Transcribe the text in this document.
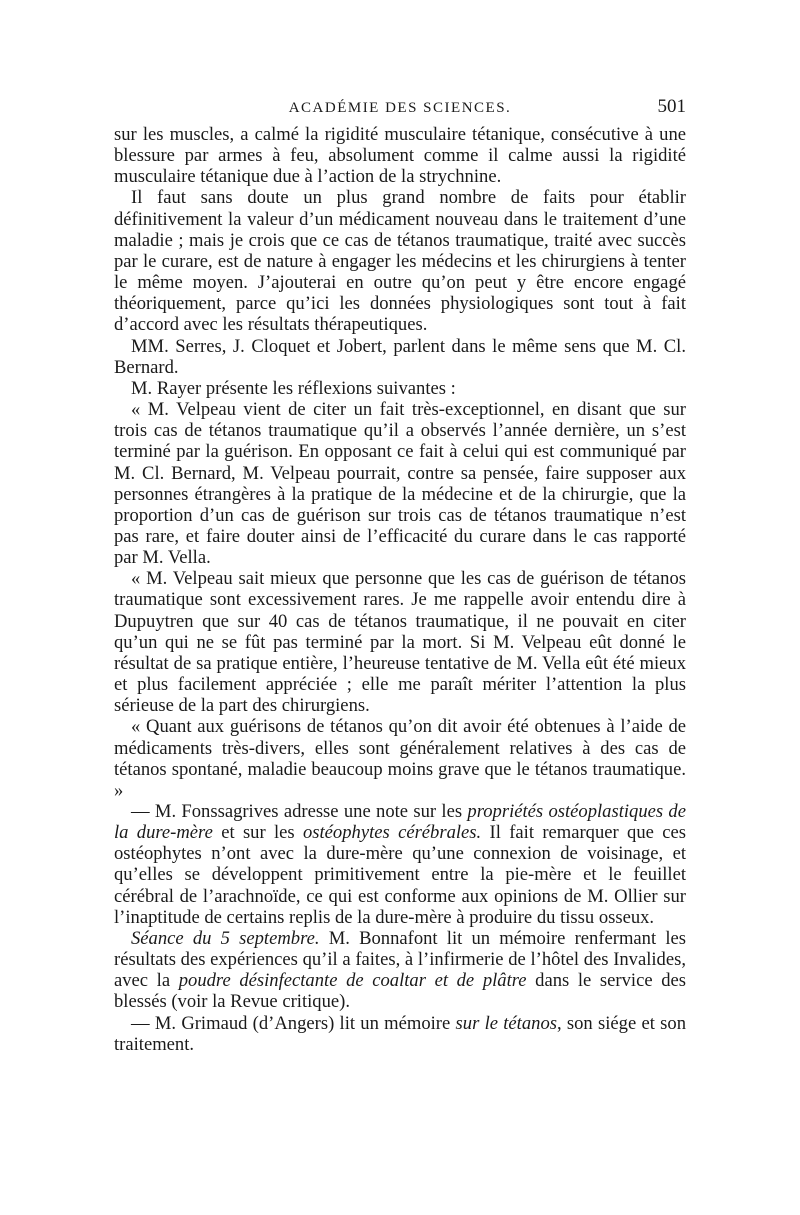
ACADÉMIE DES SCIENCES.	501

sur les muscles, a calmé la rigidité musculaire tétanique, consécutive à une blessure par armes à feu, absolument comme il calme aussi la rigidité musculaire tétanique due à l’action de la strychnine.

Il faut sans doute un plus grand nombre de faits pour établir définitivement la valeur d’un médicament nouveau dans le traitement d’une maladie ; mais je crois que ce cas de tétanos traumatique, traité avec succès par le curare, est de nature à engager les médecins et les chirurgiens à tenter le même moyen. J’ajouterai en outre qu’on peut y être encore engagé théoriquement, parce qu’ici les données physiologiques sont tout à fait d’accord avec les résultats thérapeutiques.

MM. Serres, J. Cloquet et Jobert, parlent dans le même sens que M. Cl. Bernard.

M. Rayer présente les réflexions suivantes :

« M. Velpeau vient de citer un fait très-exceptionnel, en disant que sur trois cas de tétanos traumatique qu’il a observés l’année dernière, un s’est terminé par la guérison. En opposant ce fait à celui qui est communiqué par M. Cl. Bernard, M. Velpeau pourrait, contre sa pensée, faire supposer aux personnes étrangères à la pratique de la médecine et de la chirurgie, que la proportion d’un cas de guérison sur trois cas de tétanos traumatique n’est pas rare, et faire douter ainsi de l’efficacité du curare dans le cas rapporté par M. Vella.

« M. Velpeau sait mieux que personne que les cas de guérison de tétanos traumatique sont excessivement rares. Je me rappelle avoir entendu dire à Dupuytren que sur 40 cas de tétanos traumatique, il ne pouvait en citer qu’un qui ne se fût pas terminé par la mort. Si M. Velpeau eût donné le résultat de sa pratique entière, l’heureuse tentative de M. Vella eût été mieux et plus facilement appréciée ; elle me paraît mériter l’attention la plus sérieuse de la part des chirurgiens.

« Quant aux guérisons de tétanos qu’on dit avoir été obtenues à l’aide de médicaments très-divers, elles sont généralement relatives à des cas de tétanos spontané, maladie beaucoup moins grave que le tétanos traumatique. »

— M. Fonssagrives adresse une note sur les propriétés ostéoplastiques de la dure-mère et sur les ostéophytes cérébrales. Il fait remarquer que ces ostéophytes n’ont avec la dure-mère qu’une connexion de voisinage, et qu’elles se développent primitivement entre la pie-mère et le feuillet cérébral de l’arachnoïde, ce qui est conforme aux opinions de M. Ollier sur l’inaptitude de certains replis de la dure-mère à produire du tissu osseux.

Séance du 5 septembre. M. Bonnafont lit un mémoire renfermant les résultats des expériences qu’il a faites, à l’infirmerie de l’hôtel des Invalides, avec la poudre désinfectante de coaltar et de plâtre dans le service des blessés (voir la Revue critique).

— M. Grimaud (d’Angers) lit un mémoire sur le tétanos, son siége et son traitement.
